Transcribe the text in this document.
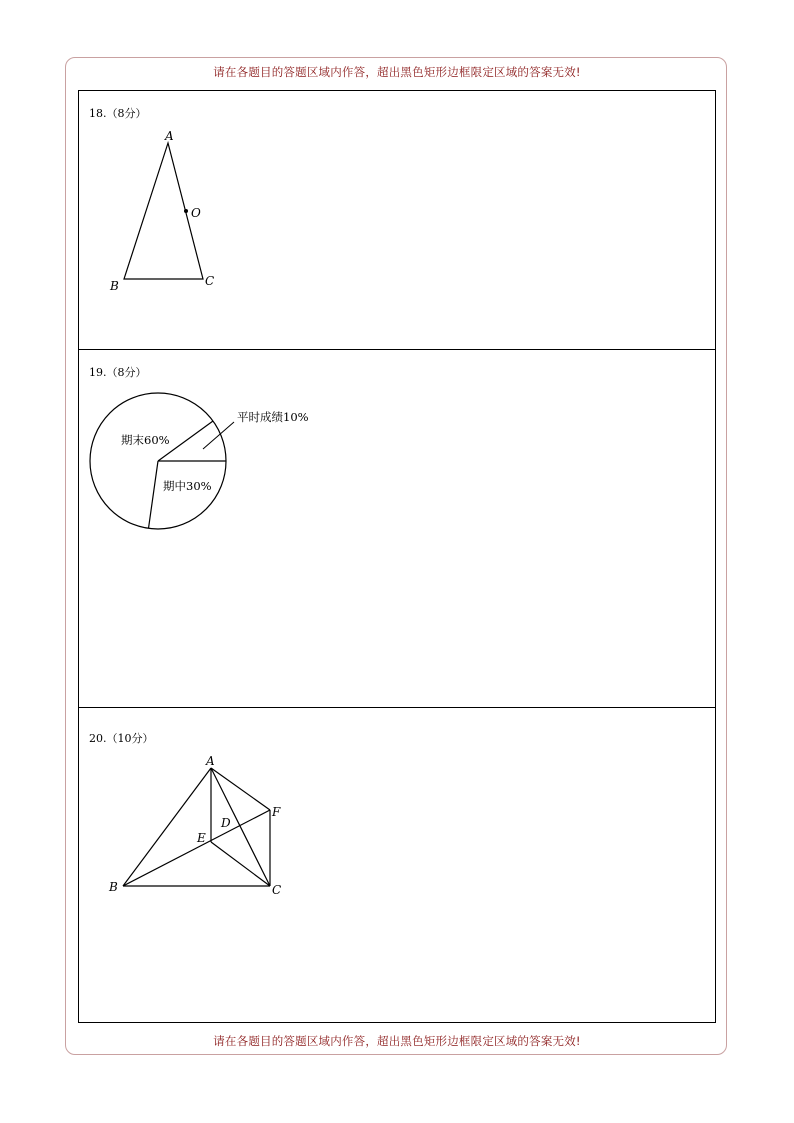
请在各题目的答题区域内作答，超出黑色矩形边框限定区域的答案无效!
18.（8分）
A
B	C
O
19.（8分）
期末60%
期中30%
平时成绩10%
20.（10分）
A
B	C
D
E
F
请在各题目的答题区域内作答，超出黑色矩形边框限定区域的答案无效!
